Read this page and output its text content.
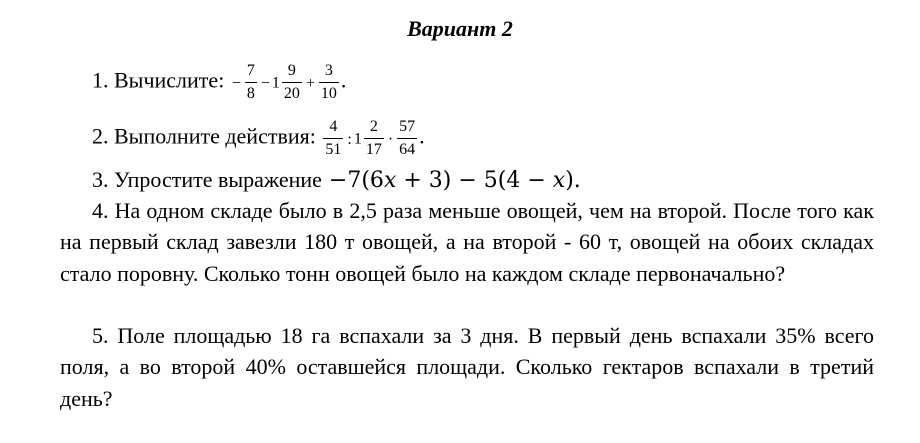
Вариант 2
1. Вычислите: − $\frac{7}{8} - 1 \frac{9}{20} + \frac{3}{10}$ .
2. Выполните действия: $\frac{4}{51}$ : $1 \frac{2}{17} \cdot \frac{57}{64}$ .
3. Упростите выражение −7(6x + 3) − 5(4 − x).
4. На одном складе было в 2,5 раза меньше овощей, чем на второй. После того как на первый склад завезли 180 т овощей, а на второй - 60 т, овощей на обоих складах стало поровну. Сколько тонн овощей было на каждом складе первоначально?
5. Поле площадью 18 га вспахали за 3 дня. В первый день вспахали 35% всего поля, а во второй 40% оставшейся площади. Сколько гектаров вспахали в третий день?
